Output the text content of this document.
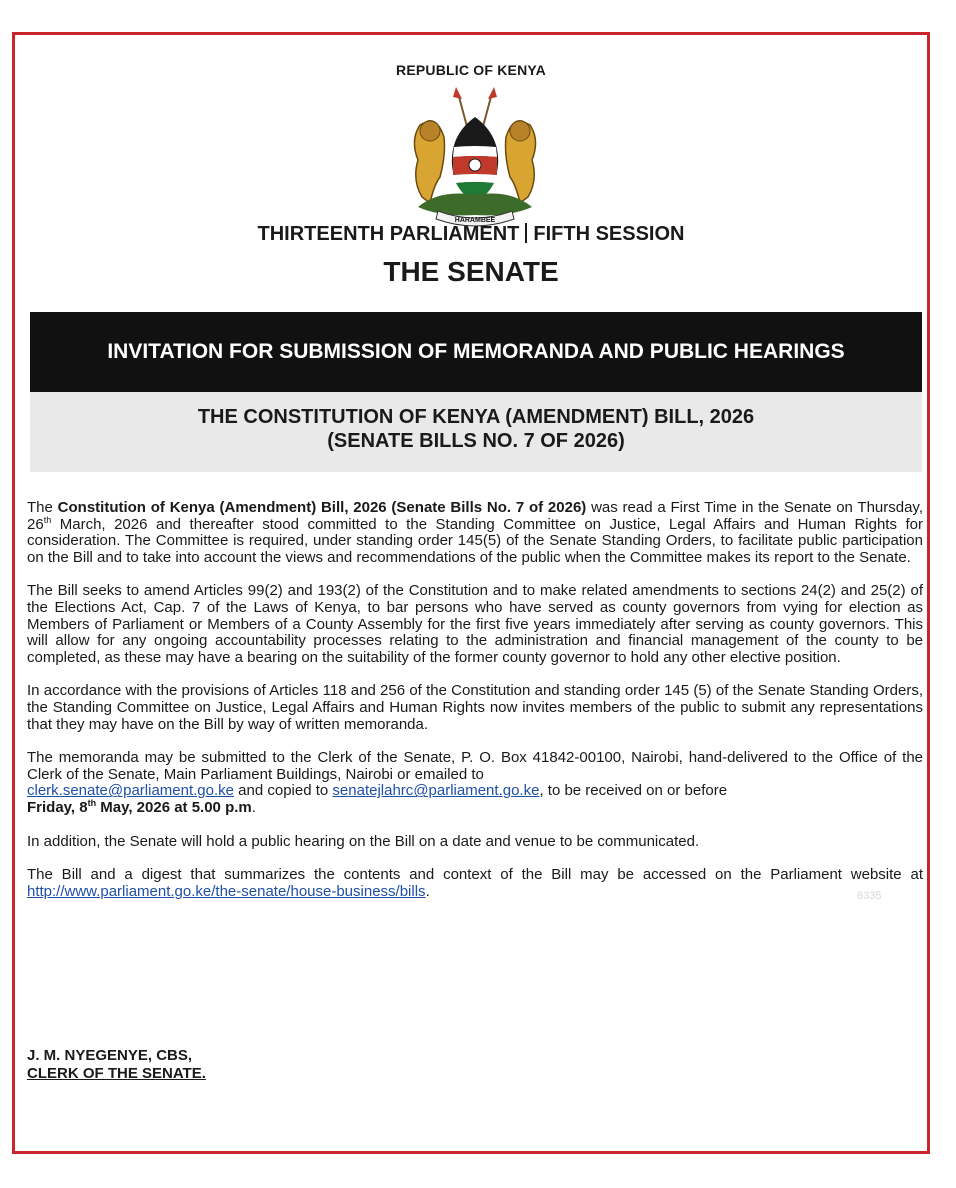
REPUBLIC OF KENYA
HARAMBEE
THIRTEENTH PARLIAMENT FIFTH SESSION
THE SENATE
INVITATION FOR SUBMISSION OF MEMORANDA AND PUBLIC HEARINGS
THE CONSTITUTION OF KENYA (AMENDMENT) BILL, 2026
(SENATE BILLS NO. 7 OF 2026)

The Constitution of Kenya (Amendment) Bill, 2026 (Senate Bills No. 7 of 2026) was read a First Time in the Senate on Thursday, 26th March, 2026 and thereafter stood committed to the Standing Committee on Justice, Legal Affairs and Human Rights for consideration. The Committee is required, under standing order 145(5) of the Senate Standing Orders, to facilitate public participation on the Bill and to take into account the views and recommendations of the public when the Committee makes its report to the Senate.

The Bill seeks to amend Articles 99(2) and 193(2) of the Constitution and to make related amendments to sections 24(2) and 25(2) of the Elections Act, Cap. 7 of the Laws of Kenya, to bar persons who have served as county governors from vying for election as Members of Parliament or Members of a County Assembly for the first five years immediately after serving as county governors. This will allow for any ongoing accountability processes relating to the administration and financial management of the county to be completed, as these may have a bearing on the suitability of the former county governor to hold any other elective position.

In accordance with the provisions of Articles 118 and 256 of the Constitution and standing order 145 (5) of the Senate Standing Orders, the Standing Committee on Justice, Legal Affairs and Human Rights now invites members of the public to submit any representations that they may have on the Bill by way of written memoranda.

The memoranda may be submitted to the Clerk of the Senate, P. O. Box 41842-00100, Nairobi, hand-delivered to the Office of the Clerk of the Senate, Main Parliament Buildings, Nairobi or emailed to
clerk.senate@parliament.go.ke and copied to senatejlahrc@parliament.go.ke, to be received on or before
Friday, 8th May, 2026 at 5.00 p.m.

In addition, the Senate will hold a public hearing on the Bill on a date and venue to be communicated.

The Bill and a digest that summarizes the contents and context of the Bill may be accessed on the Parliament website at http://www.parliament.go.ke/the-senate/house-business/bills.	6335
J. M. NYEGENYE, CBS,
CLERK OF THE SENATE.
